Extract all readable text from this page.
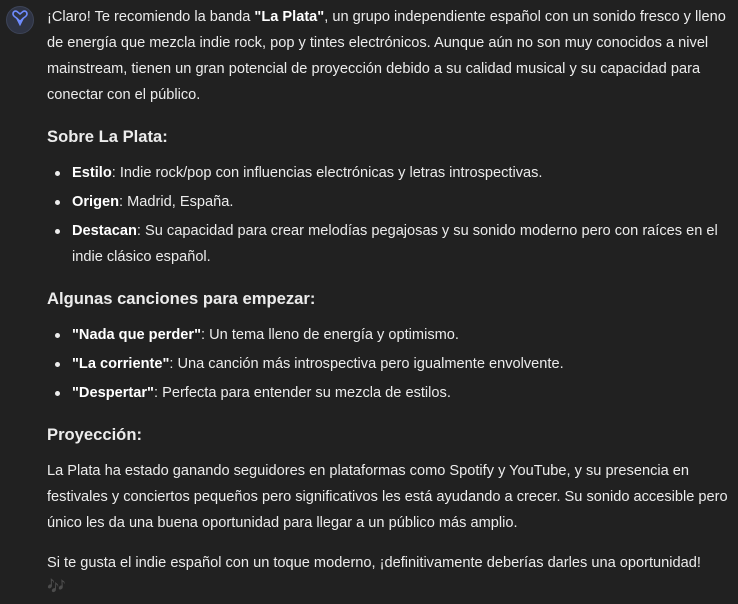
¡Claro! Te recomiendo la banda "La Plata", un grupo independiente español con un sonido fresco y lleno de energía que mezcla indie rock, pop y tintes electrónicos. Aunque aún no son muy conocidos a nivel mainstream, tienen un gran potencial de proyección debido a su calidad musical y su capacidad para conectar con el público.

Sobre La Plata:
Estilo: Indie rock/pop con influencias electrónicas y letras introspectivas.
Origen: Madrid, España.
Destacan: Su capacidad para crear melodías pegajosas y su sonido moderno pero con raíces en el indie clásico español.
Algunas canciones para empezar:
"Nada que perder": Un tema lleno de energía y optimismo.
"La corriente": Una canción más introspectiva pero igualmente envolvente.
"Despertar": Perfecta para entender su mezcla de estilos.
Proyección:

La Plata ha estado ganando seguidores en plataformas como Spotify y YouTube, y su presencia en festivales y conciertos pequeños pero significativos les está ayudando a crecer. Su sonido accesible pero único les da una buena oportunidad para llegar a un público más amplio.

Si te gusta el indie español con un toque moderno, ¡definitivamente deberías darles una oportunidad!

🎶
